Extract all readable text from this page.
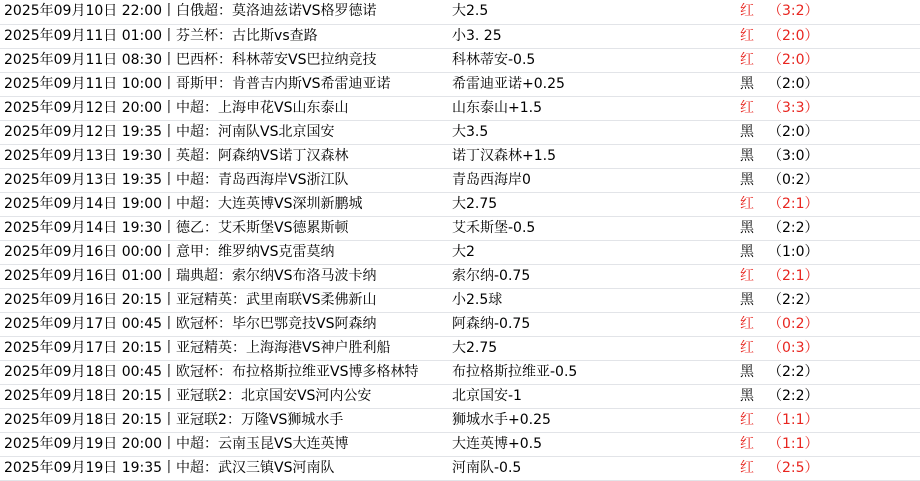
2025年09月10日 22:00丨白俄超：莫洛迪兹诺VS格罗德诺	大2.5	红 （3:2）
2025年09月11日 01:00丨芬兰杯：古比斯vs查路	小3. 25	红 （2:0）
2025年09月11日 08:30丨巴西杯：科林蒂安VS巴拉纳竞技	科林蒂安-0.5	红 （2:0）
2025年09月11日 10:00丨哥斯甲：肯普吉内斯VS希雷迪亚诺	希雷迪亚诺+0.25	黑 （2:0）
2025年09月12日 20:00丨中超：上海申花VS山东泰山	山东泰山+1.5	红 （3:3）
2025年09月12日 19:35丨中超：河南队VS北京国安	大3.5	黑 （2:0）
2025年09月13日 19:30丨英超：阿森纳VS诺丁汉森林	诺丁汉森林+1.5	黑 （3:0）
2025年09月13日 19:35丨中超：青岛西海岸VS浙江队	青岛西海岸0	黑 （0:2）
2025年09月14日 19:00丨中超：大连英博VS深圳新鹏城	大2.75	红 （2:1）
2025年09月14日 19:30丨德乙：艾禾斯堡VS德累斯顿	艾禾斯堡-0.5	黑 （2:2）
2025年09月16日 00:00丨意甲：维罗纳VS克雷莫纳	大2	黑 （1:0）
2025年09月16日 01:00丨瑞典超：索尔纳VS布洛马波卡纳	索尔纳-0.75	红 （2:1）
2025年09月16日 20:15丨亚冠精英：武里南联VS柔佛新山	小2.5球	黑 （2:2）
2025年09月17日 00:45丨欧冠杯：毕尔巴鄂竞技VS阿森纳	阿森纳-0.75	红 （0:2）
2025年09月17日 20:15丨亚冠精英：上海海港VS神户胜利船	大2.75	红 （0:3）
2025年09月18日 00:45丨欧冠杯：布拉格斯拉维亚VS博多格林特	布拉格斯拉维亚-0.5	黑 （2:2）
2025年09月18日 20:15丨亚冠联2：北京国安VS河内公安	北京国安-1	黑 （2:2）
2025年09月18日 20:15丨亚冠联2：万隆VS狮城水手	狮城水手+0.25	红 （1:1）
2025年09月19日 20:00丨中超：云南玉昆VS大连英博	大连英博+0.5	红 （1:1）
2025年09月19日 19:35丨中超：武汉三镇VS河南队	河南队-0.5	红 （2:5）
